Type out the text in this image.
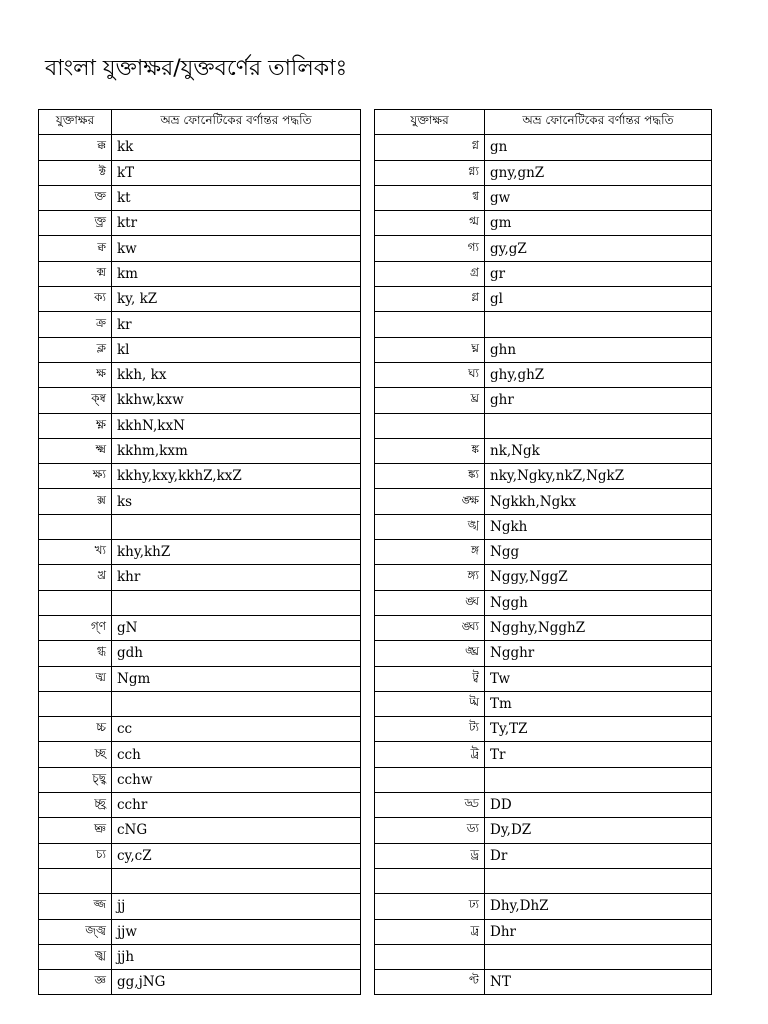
বাংলা যুক্তাক্ষর/যুক্তবর্ণের তালিকাঃ
যুক্তাক্ষর	অভ্র ফোনেটিকের বর্ণান্তর পদ্ধতি		যুক্তাক্ষর	অভ্র ফোনেটিকের বর্ণান্তর পদ্ধতি
ক্ক	kk		গ্ন	gn
ক্ট	kT		গ্ন্য	gny,gnZ
ক্ত	kt		গ্ব	gw
ক্ত্র	ktr		গ্ম	gm
ক্ব	kw		গ্য	gy,gZ
ক্ম	km		গ্র	gr
ক্য	ky, kZ		গ্ল	gl
ক্র	kr			
ক্ল	kl		ঘ্ন	ghn
ক্ষ	kkh, kx		ঘ্য	ghy,ghZ
ক্ষ্ব	kkhw,kxw		ঘ্র	ghr
ক্ষ্ণ	kkhN,kxN			
ক্ষ্ম	kkhm,kxm		ঙ্ক	nk,Ngk
ক্ষ্য	kkhy,kxy,kkhZ,kxZ		ঙ্ক্য	nky,Ngky,nkZ,NgkZ
ক্স	ks		ঙ্ক্ষ	Ngkkh,Ngkx
			ঙ্খ	Ngkh
খ্য	khy,khZ		ঙ্গ	Ngg
খ্র	khr		ঙ্গ্য	Nggy,NggZ
			ঙ্ঘ	Nggh
গ্‌ণ	gN		ঙ্ঘ্য	Ngghy,NgghZ
গ্ধ	gdh		ঙ্ঘ্র	Ngghr
ঙ্ম	Ngm		ট্ব	Tw
			ট্ম	Tm
চ্চ	cc		ট্য	Ty,TZ
চ্ছ	cch		ট্র	Tr
চ্ছ্ব	cchw			
চ্ছ্র	cchr		ড্ড	DD
চ্ঞ	cNG		ড্য	Dy,DZ
চ্য	cy,cZ		ড্র	Dr

জ্জ	jj		ঢ্য	Dhy,DhZ
জ্জ্ব	jjw		ঢ্র	Dhr
জ্ঝ	jjh			
জ্ঞ	gg,jNG		ণ্ট	NT
